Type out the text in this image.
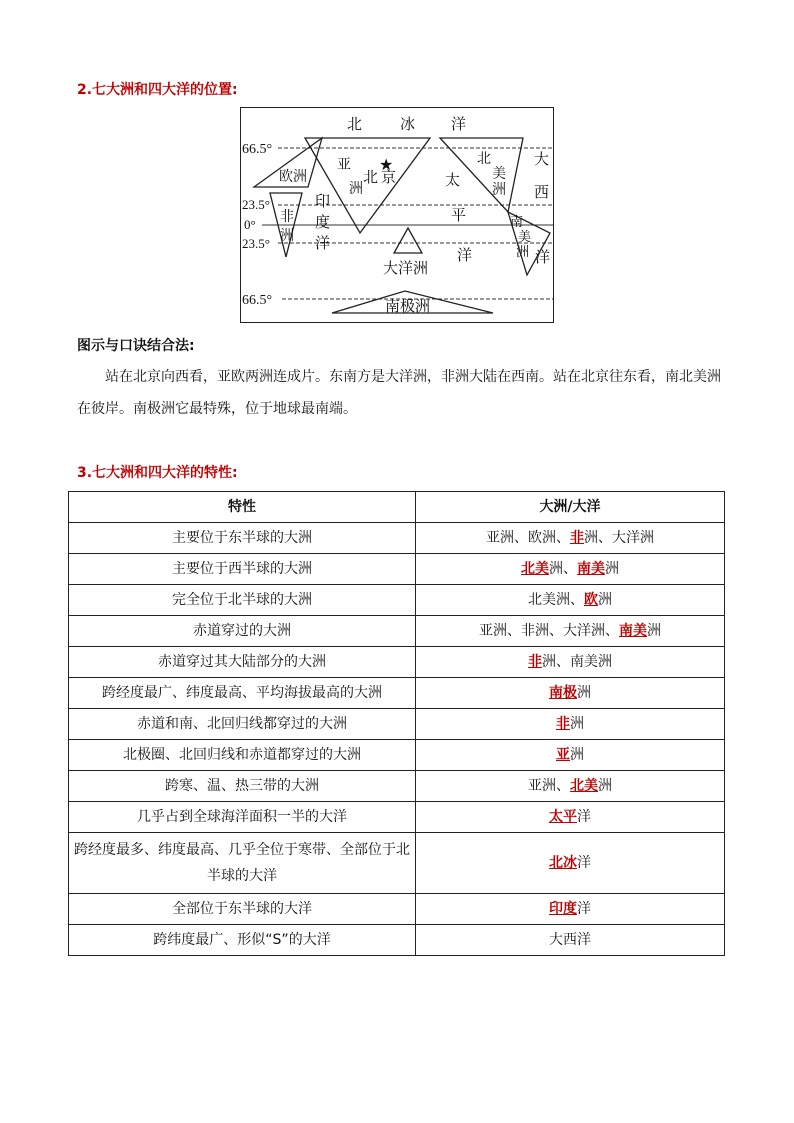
2.七大洲和四大洋的位置:
66.5°
23.5°
0°
23.5°
66.5°
北	冰 洋
欧洲
亚
洲
★
北 京
非
洲
印
度
洋
太
平
洋
北
美
洲
大
西
洋
南
美
洲
大洋洲
南极洲
图示与口诀结合法:

站在北京向西看，亚欧两洲连成片。东南方是大洋洲，非洲大陆在西南。站在北京往东看，南北美洲在彼岸。南极洲它最特殊，位于地球最南端。

3.七大洲和四大洋的特性:
特性	大洲/大洋
主要位于东半球的大洲	亚洲、欧洲、非洲、大洋洲
主要位于西半球的大洲	北美洲、南美洲
完全位于北半球的大洲	北美洲、欧洲
赤道穿过的大洲	亚洲、非洲、大洋洲、南美洲
赤道穿过其大陆部分的大洲	非洲、南美洲
跨经度最广、纬度最高、平均海拔最高的大洲	南极洲
赤道和南、北回归线都穿过的大洲	非洲
北极圈、北回归线和赤道都穿过的大洲	亚洲
跨寒、温、热三带的大洲	亚洲、北美洲
几乎占到全球海洋面积一半的大洋	太平洋
跨经度最多、纬度最高、几乎全位于寒带、全部位于北半球的大洋	北冰洋
全部位于东半球的大洋	印度洋
跨纬度最广、形似“S”的大洋	大西洋
